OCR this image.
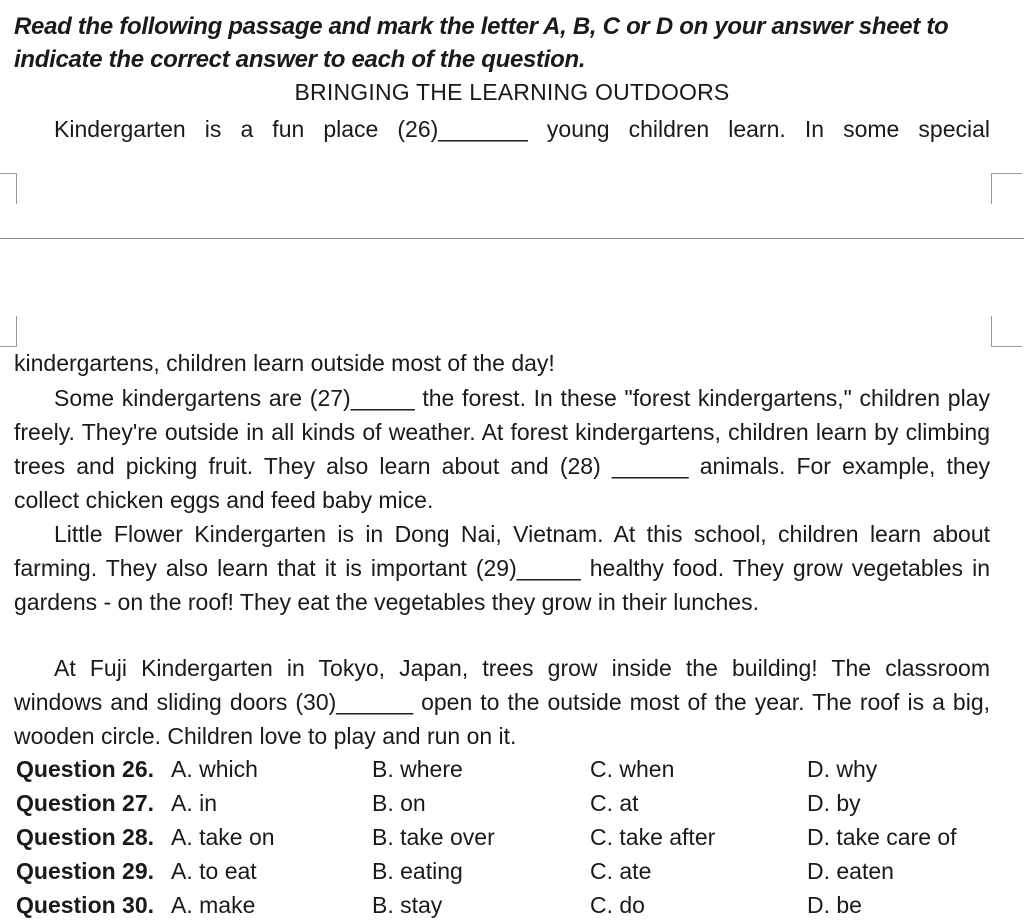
Read the following passage and mark the letter A, B, C or D on your answer sheet to indicate the correct answer to each of the question.

BRINGING THE LEARNING OUTDOORS

Kindergarten is a fun place (26)_______ young children learn. In some special

kindergartens, children learn outside most of the day!

Some kindergartens are (27)_____ the forest. In these "forest kindergartens," children play freely. They're outside in all kinds of weather. At forest kindergartens, children learn by climbing trees and picking fruit. They also learn about and (28) ______ animals. For example, they collect chicken eggs and feed baby mice.

Little Flower Kindergarten is in Dong Nai, Vietnam. At this school, children learn about farming. They also learn that it is important (29)_____ healthy food. They grow vegetables in gardens - on the roof! They eat the vegetables they grow in their lunches.

At Fuji Kindergarten in Tokyo, Japan, trees grow inside the building! The classroom windows and sliding doors (30)______ open to the outside most of the year. The roof is a big, wooden circle. Children love to play and run on it.

Question 26. A. which	B. where	C. when	D. why
Question 27. A. in	B. on	C. at	D. by
Question 28. A. take on	B. take over	C. take after	D. take care of
Question 29. A. to eat	B. eating	C. ate	D. eaten
Question 30. A. make	B. stay	C. do	D. be
